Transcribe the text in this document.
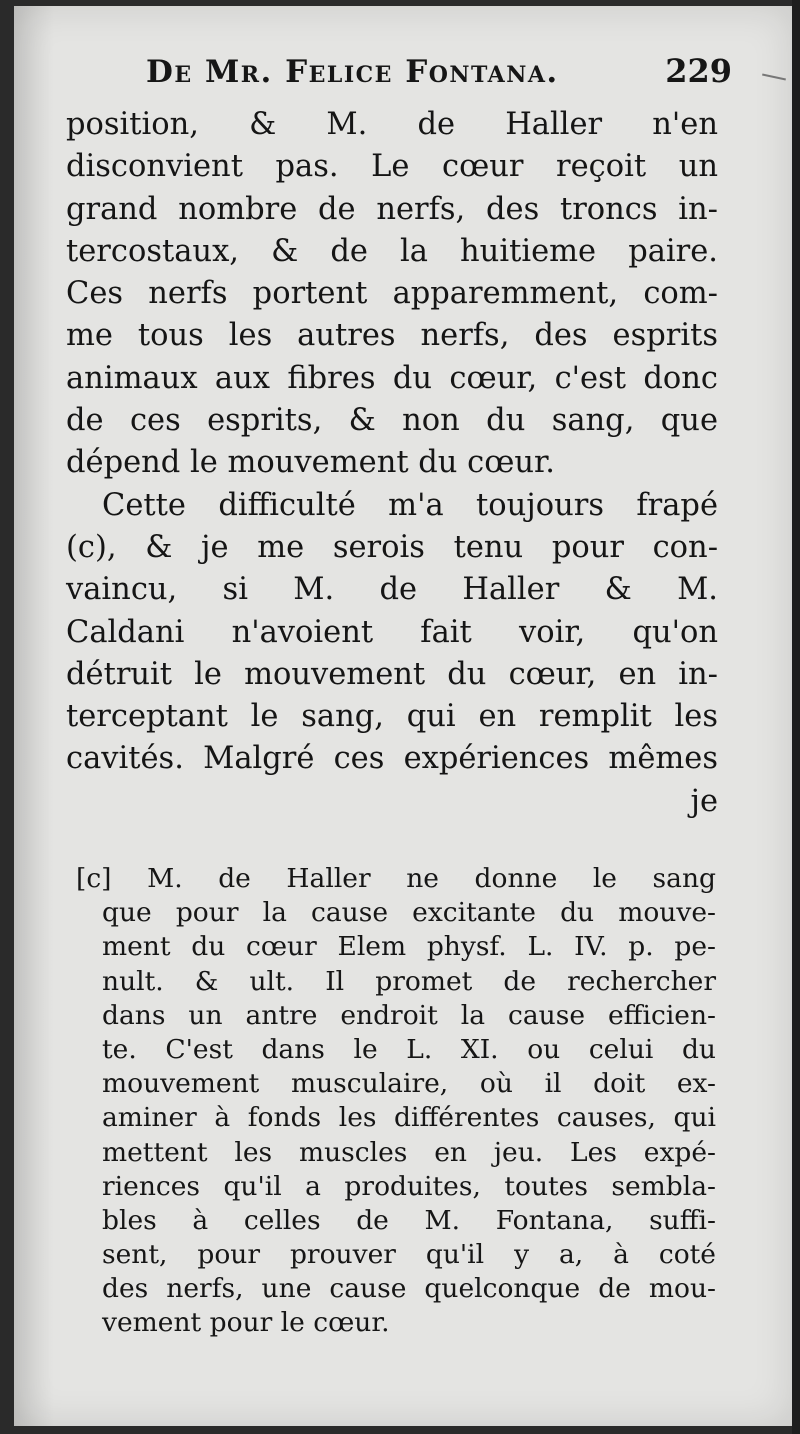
De Mr. Felice Fontana.	229
position, & M. de Haller n'en
disconvient pas. Le cœur reçoit un
grand nombre de nerfs, des troncs in-
tercostaux, & de la huitieme paire.
Ces nerfs portent apparemment, com-
me tous les autres nerfs, des esprits
animaux aux fibres du cœur, c'est donc
de ces esprits, & non du sang, que
dépend le mouvement du cœur.
Cette difficulté m'a toujours frapé
(c), & je me serois tenu pour con-
vaincu, si M. de Haller & M.
Caldani n'avoient fait voir, qu'on
détruit le mouvement du cœur, en in-
terceptant le sang, qui en remplit les
cavités. Malgré ces expériences mêmes
je
[c] M. de Haller ne donne le sang
que pour la cause excitante du mouve-
ment du cœur Elem physf. L. IV. p. pe-
nult. & ult. Il promet de rechercher
dans un antre endroit la cause efficien-
te. C'est dans le L. XI. ou celui du
mouvement musculaire, où il doit ex-
aminer à fonds les différentes causes, qui
mettent les muscles en jeu. Les expé-
riences qu'il a produites, toutes sembla-
bles à celles de M. Fontana, suffi-
sent, pour prouver qu'il y a, à coté
des nerfs, une cause quelconque de mou-
vement pour le cœur.
